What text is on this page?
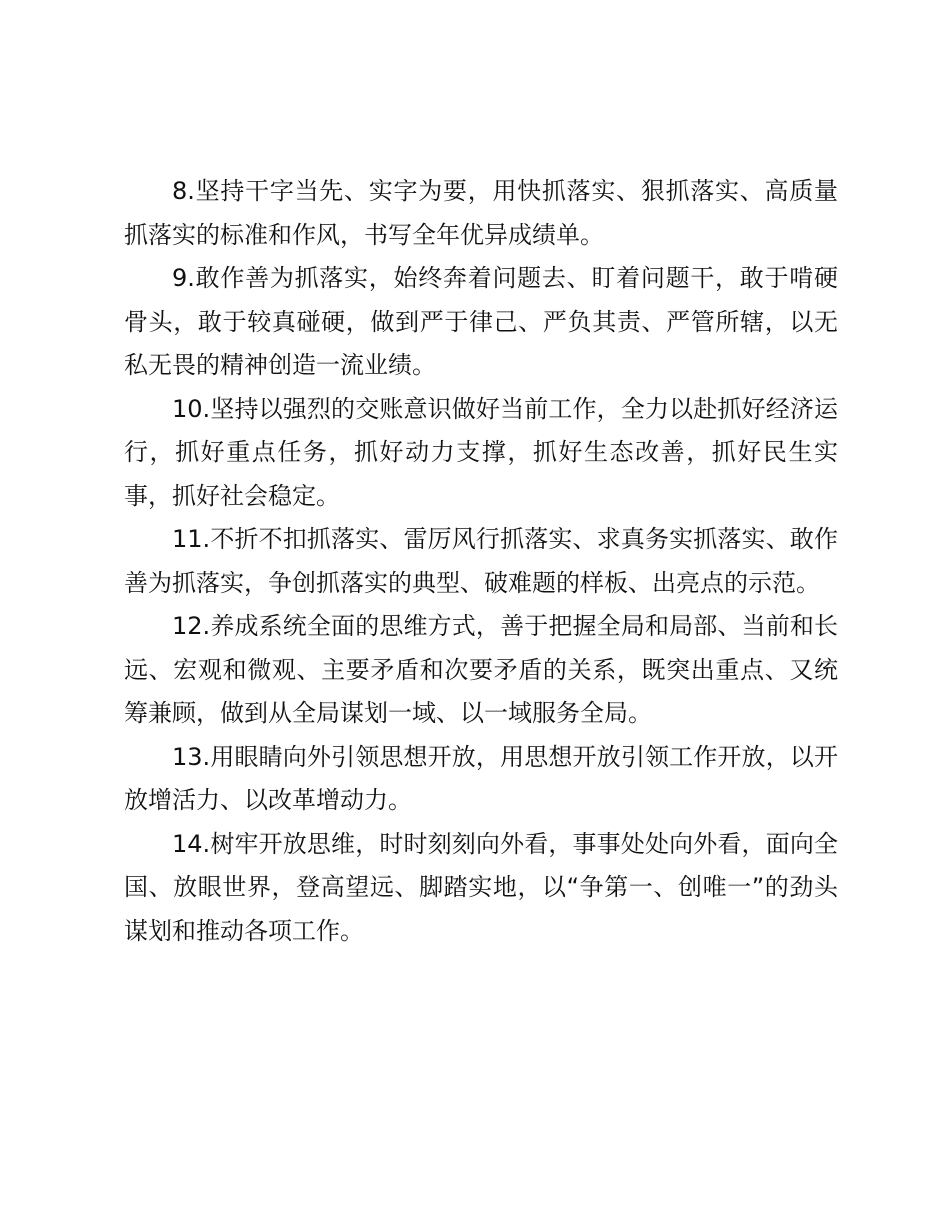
8.坚持干字当先、实字为要，用快抓落实、狠抓落实、高质量抓落实的标准和作风，书写全年优异成绩单。

9.敢作善为抓落实，始终奔着问题去、盯着问题干，敢于啃硬骨头，敢于较真碰硬，做到严于律己、严负其责、严管所辖，以无私无畏的精神创造一流业绩。

10.坚持以强烈的交账意识做好当前工作，全力以赴抓好经济运行，抓好重点任务，抓好动力支撑，抓好生态改善，抓好民生实事，抓好社会稳定。

11.不折不扣抓落实、雷厉风行抓落实、求真务实抓落实、敢作善为抓落实，争创抓落实的典型、破难题的样板、出亮点的示范。

12.养成系统全面的思维方式，善于把握全局和局部、当前和长远、宏观和微观、主要矛盾和次要矛盾的关系，既突出重点、又统筹兼顾，做到从全局谋划一域、以一域服务全局。

13.用眼睛向外引领思想开放，用思想开放引领工作开放，以开放增活力、以改革增动力。

14.树牢开放思维，时时刻刻向外看，事事处处向外看，面向全国、放眼世界，登高望远、脚踏实地，以“争第一、创唯一”的劲头谋划和推动各项工作。
